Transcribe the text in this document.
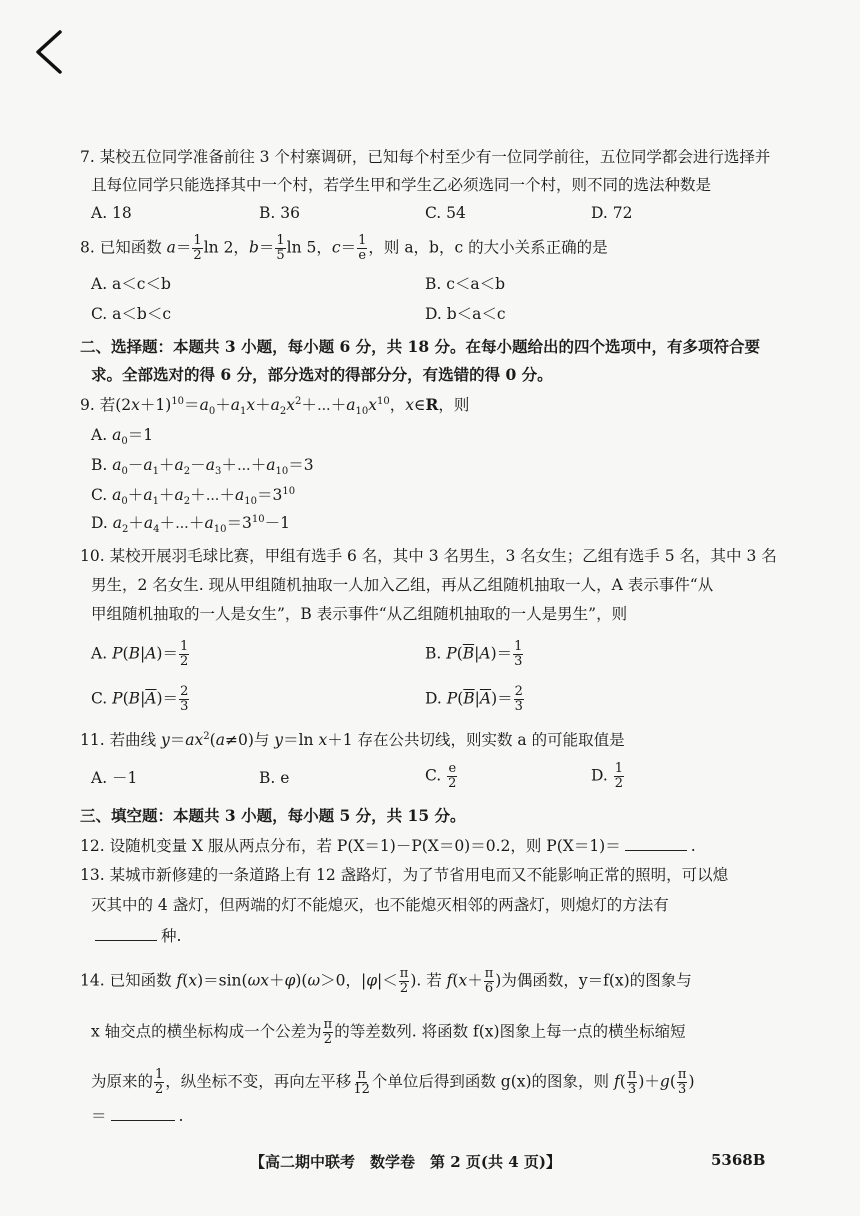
7. 某校五位同学准备前往 3 个村寨调研，已知每个村至少有一位同学前往，五位同学都会进行选择并
且每位同学只能选择其中一个村，若学生甲和学生乙必须选同一个村，则不同的选法种数是
A. 18	B. 36	C. 54	D. 72
8. 已知函数 $a= \frac{1}{2}$ ln 2，$b= \frac{1}{5}$ ln 5，$c= \frac{1}{e}$ ，则 a，b，c 的大小关系正确的是
A. a＜c＜b	B. c＜a＜b
C. a＜b＜c	D. b＜a＜c
二、选择题：本题共 3 小题，每小题 6 分，共 18 分。在每小题给出的四个选项中，有多项符合要
求。全部选对的得 6 分，部分选对的得部分分，有选错的得 0 分。
9. 若$(2x+1)^{10}=a_0+a_1x+a_2x^2+\cdots+a_{10}x^{10}$，x∈R，则
A. $a_0=1$
B. $a_0-a_1+a_2-a_3+\cdots+a_{10}=3$
C. $a_0+a_1+a_2+\cdots+a_{10}=3^{10}$
D. $a_2+a_4+\cdots+a_{10}=3^{10}-1$
10. 某校开展羽毛球比赛，甲组有选手 6 名，其中 3 名男生，3 名女生；乙组有选手 5 名，其中 3 名
男生，2 名女生. 现从甲组随机抽取一人加入乙组，再从乙组随机抽取一人，A 表示事件“从
甲组随机抽取的一人是女生”，B 表示事件“从乙组随机抽取的一人是男生”，则
A. $P(B|A)= \frac{1}{2}$	B. $P(\overline{B}|A)= \frac{1}{3}$
C. $P(B|\overline{A})= \frac{2}{3}$	D. $P(\overline{B}|\overline{A})= \frac{2}{3}$
11. 若曲线 $y=ax^2(a\ne 0)$与 y＝ln x＋1 存在公共切线，则实数 a 的可能取值是
A. －1	B. e	C. $\frac{e}{2}$	D. $\frac{1}{2}$
三、填空题：本题共 3 小题，每小题 5 分，共 15 分。
12. 设随机变量 X 服从两点分布，若 P(X＝1)－P(X＝0)＝0.2，则 P(X＝1)＝	.
13. 某城市新修建的一条道路上有 12 盏路灯，为了节省用电而又不能影响正常的照明，可以熄
灭其中的 4 盏灯，但两端的灯不能熄灭，也不能熄灭相邻的两盏灯，则熄灯的方法有
种.
14. 已知函数 f(x)＝sin(ωx＋φ)(ω＞0，$|\varphi|< \frac{\pi}{2}$ ). 若 $f(x+ \frac{\pi}{6}$ )为偶函数，y＝f(x)的图象与
x 轴交点的横坐标构成一个公差为 $\frac{\pi}{2}$ 的等差数列. 将函数 f(x)图象上每一点的横坐标缩短
为原来的 $\frac{1}{2}$ ，纵坐标不变，再向左平移 $\frac{\pi}{12}$ 个单位后得到函数 g(x)的图象，则 $f( \frac{\pi}{3} )+g( \frac{\pi}{3}$ )
＝	.
【高二期中联考　数学卷　第 2 页(共 4 页)】	5368B
